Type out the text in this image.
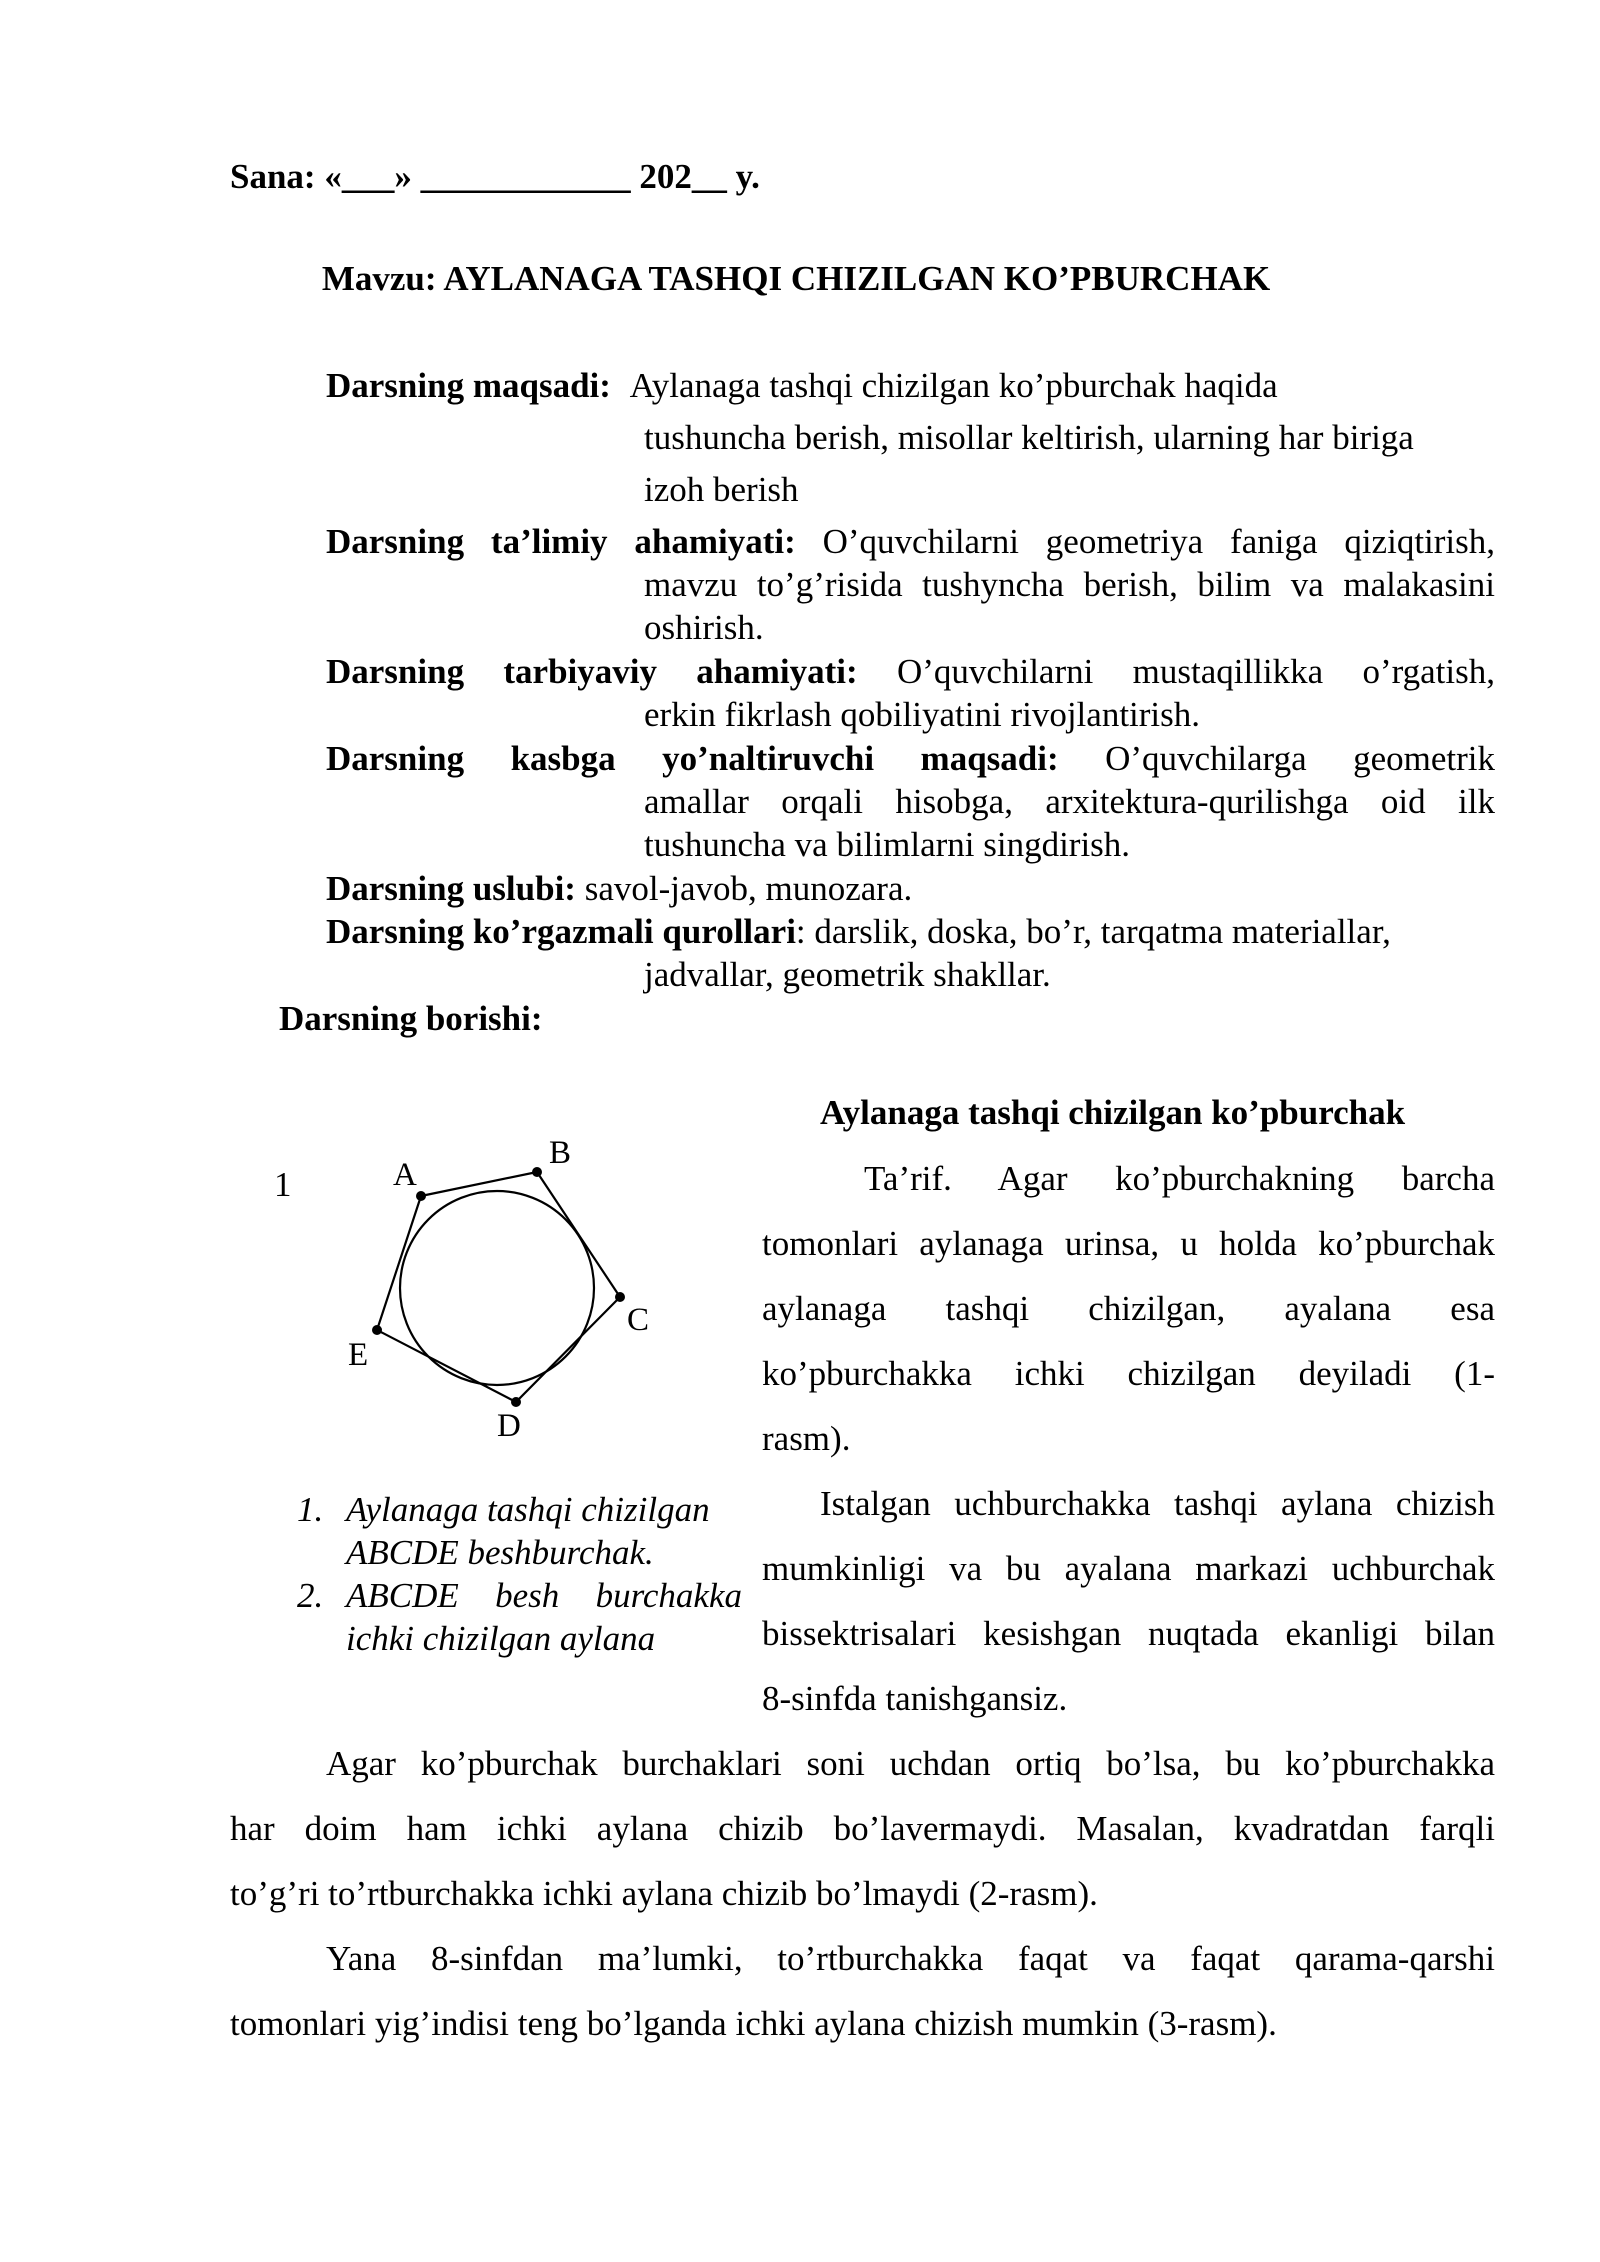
Sana: «___» ____________ 202__ y.
Mavzu: AYLANAGA TASHQI CHIZILGAN KO’PBURCHAK
Darsning maqsadi: Aylanaga tashqi chizilgan ko’pburchak haqida
tushuncha berish, misollar keltirish, ularning har biriga
izoh berish
Darsning ta’limiy ahamiyati: O’quvchilarni geometriya faniga qiziqtirish,
mavzu to’g’risida tushyncha berish, bilim va malakasini
oshirish.
Darsning tarbiyaviy ahamiyati: O’quvchilarni mustaqillikka o’rgatish,
erkin fikrlash qobiliyatini rivojlantirish.
Darsning kasbga yo’naltiruvchi maqsadi: O’quvchilarga geometrik
amallar orqali hisobga, arxitektura-qurilishga oid ilk
tushuncha va bilimlarni singdirish.
Darsning uslubi: savol-javob, munozara.
Darsning ko’rgazmali qurollari: darslik, doska, bo’r, tarqatma materiallar,
jadvallar, geometrik shakllar.
Darsning borishi:
1	A
B
C
D
E
1. Aylanaga tashqi chizilgan
ABCDE beshburchak.
2. ABCDE besh burchakka
ichki chizilgan aylana
Aylanaga tashqi chizilgan ko’pburchak
Ta’rif. Agar ko’pburchakning barcha
tomonlari aylanaga urinsa, u holda ko’pburchak
aylanaga tashqi chizilgan, ayalana esa
ko’pburchakka ichki chizilgan deyiladi (1-
rasm).
Istalgan uchburchakka tashqi aylana chizish
mumkinligi va bu ayalana markazi uchburchak
bissektrisalari kesishgan nuqtada ekanligi bilan
8-sinfda tanishgansiz.
Agar ko’pburchak burchaklari soni uchdan ortiq bo’lsa, bu ko’pburchakka
har doim ham ichki aylana chizib bo’lavermaydi. Masalan, kvadratdan farqli
to’g’ri to’rtburchakka ichki aylana chizib bo’lmaydi (2-rasm).
Yana 8-sinfdan ma’lumki, to’rtburchakka faqat va faqat qarama-qarshi
tomonlari yig’indisi teng bo’lganda ichki aylana chizish mumkin (3-rasm).
